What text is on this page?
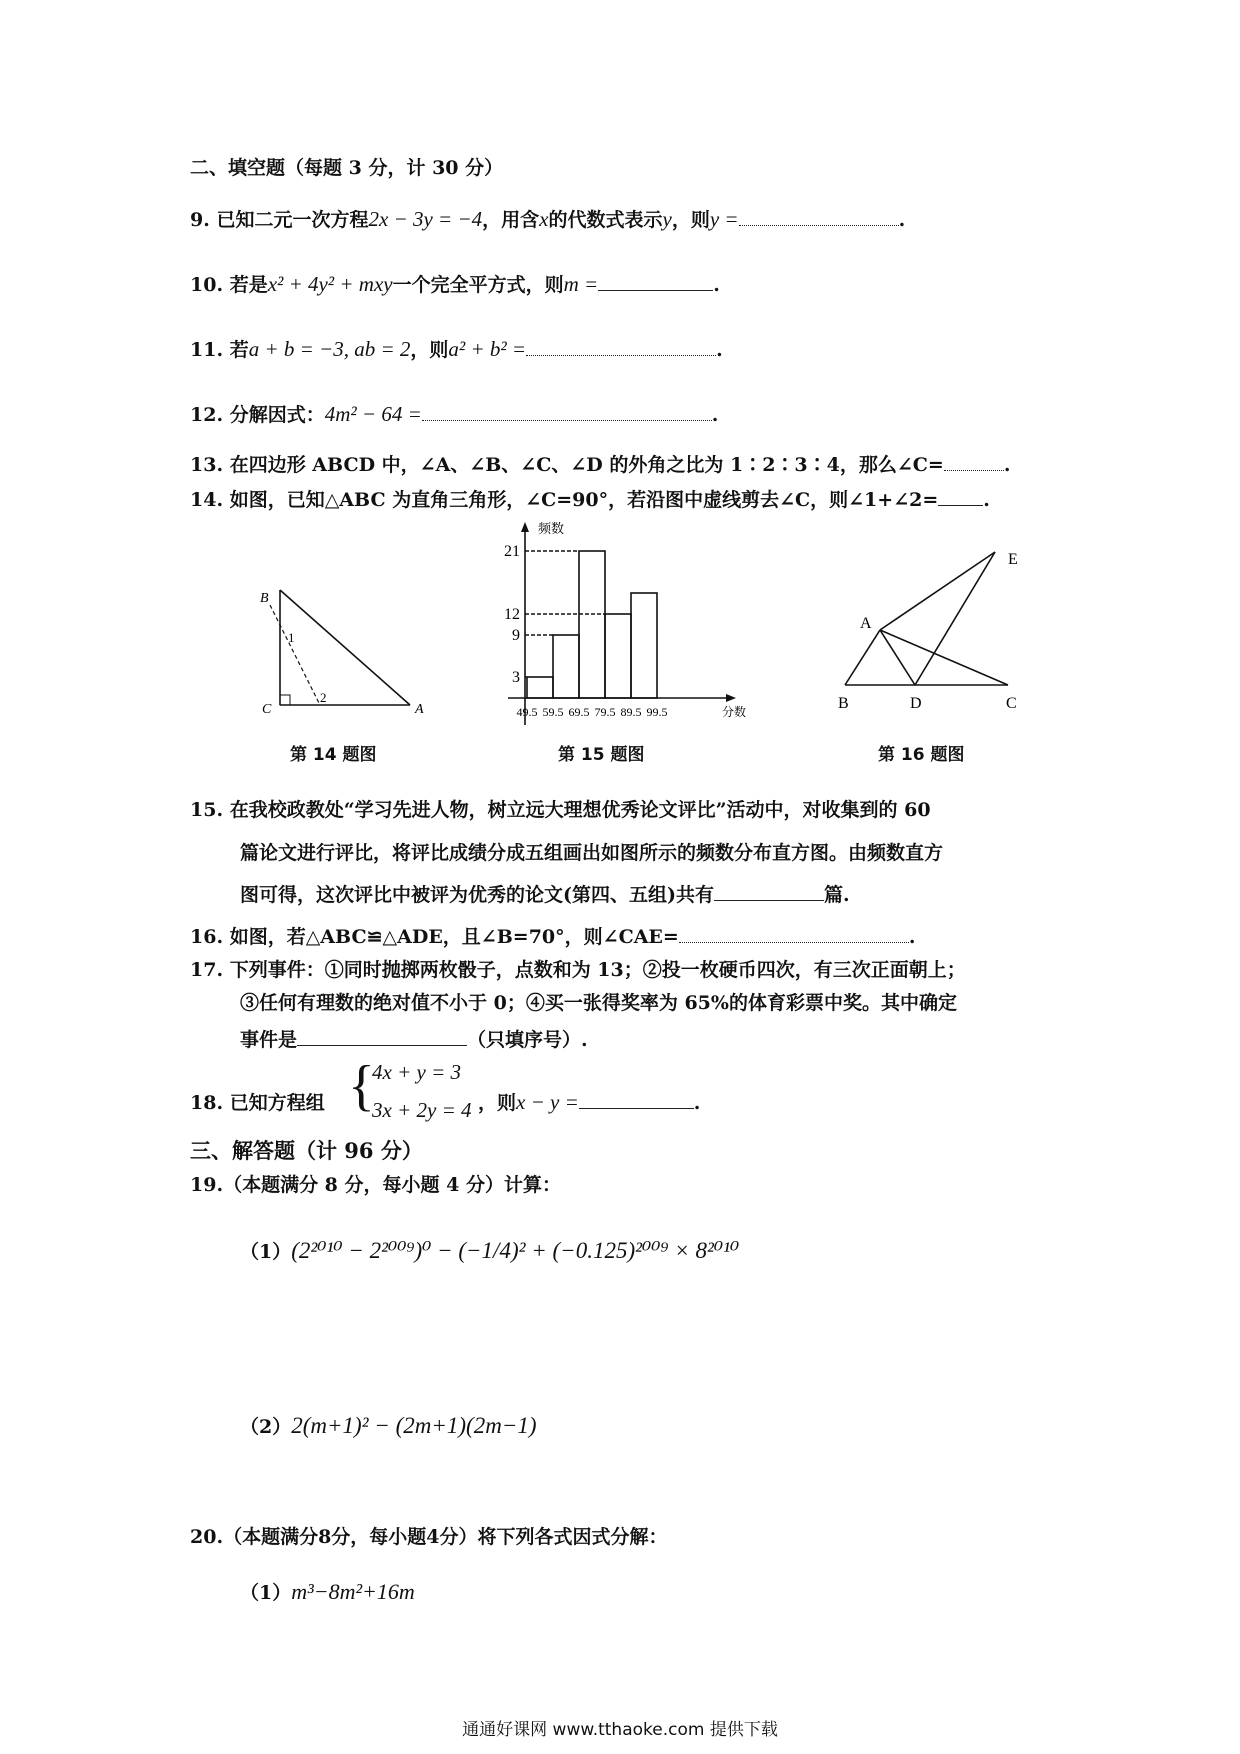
二、填空题（每题 3 分，计 30 分）
9. 已知二元一次方程2x − 3y = −4，用含x的代数式表示y，则y =	.
10. 若是x² + 4y² + mxy一个完全平方式，则m =	.
11. 若a + b = −3, ab = 2，则a² + b² =	.
12. 分解因式：4m² − 64 =	.
13. 在四边形 ABCD 中，∠A、∠B、∠C、∠D 的外角之比为 1∶2∶3∶4，那么∠C=	.
14. 如图，已知△ABC 为直角三角形，∠C=90°，若沿图中虚线剪去∠C，则∠1+∠2= .
B
C	A
1
2
第 14 题图
频数
3
9
12
21
49.5 59.5 69.5 79.5 89.5 99.5	分数
第 15 题图
A
B	D	C
E
第 16 题图
15. 在我校政教处“学习先进人物，树立远大理想优秀论文评比”活动中，对收集到的 60
篇论文进行评比，将评比成绩分成五组画出如图所示的频数分布直方图。由频数直方
图可得，这次评比中被评为优秀的论文(第四、五组)共有	篇.
16. 如图，若△ABC≌△ADE，且∠B=70°，则∠CAE=	.
17. 下列事件：①同时抛掷两枚骰子，点数和为 13；②投一枚硬币四次，有三次正面朝上；
③任何有理数的绝对值不小于 0；④买一张得奖率为 65%的体育彩票中奖。其中确定
事件是	（只填序号）.
18. 已知方程组 {
4x + y = 3
3x + 2y = 4 ，则x − y =	.
三、解答题（计 96 分）
19.（本题满分 8 分，每小题 4 分）计算：
（1）(2²⁰¹⁰ − 2²⁰⁰⁹)⁰ − (−1/4)² + (−0.125)²⁰⁰⁹ × 8²⁰¹⁰
（2）2(m+1)² − (2m+1)(2m−1)
20.（本题满分8分，每小题4分）将下列各式因式分解：
（1）m³−8m²+16m
通通好课网 www.tthaoke.com 提供下载
